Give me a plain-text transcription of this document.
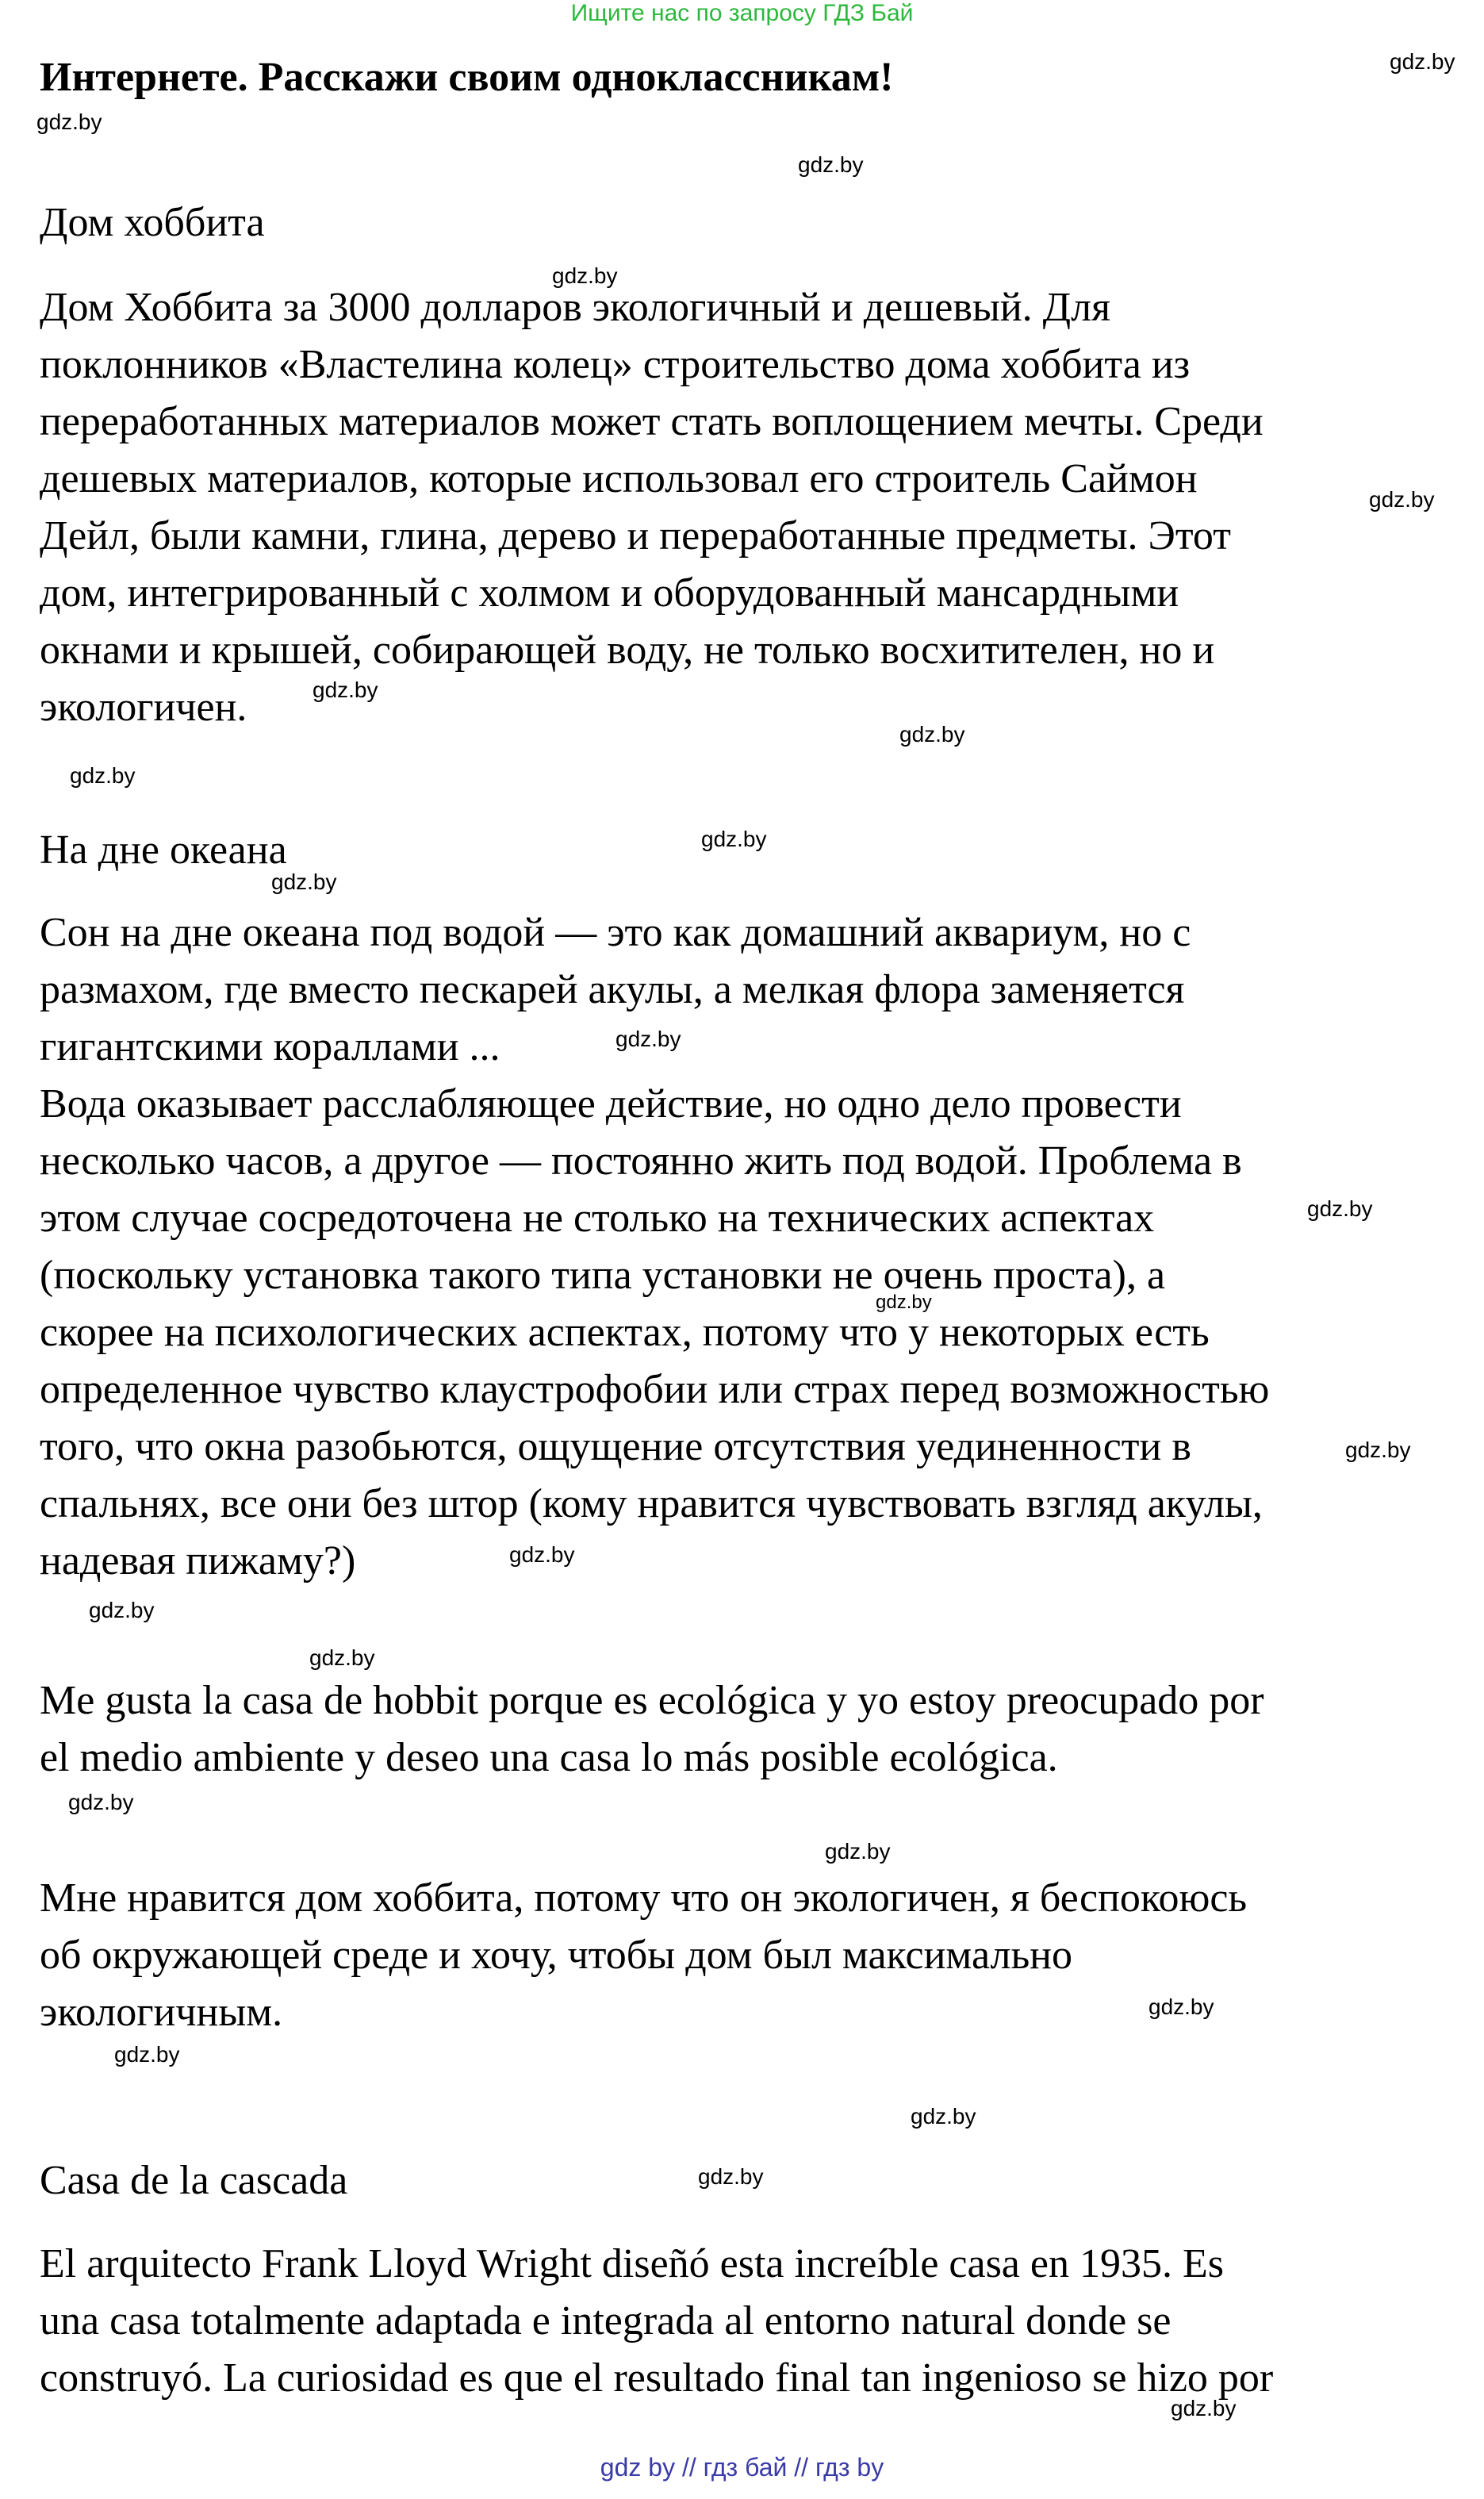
Ищите нас по запросу ГДЗ Бай
Интернете. Расскажи своим одноклассникам!
Дом хоббита
Дом Хоббита за 3000 долларов экологичный и дешевый. Для
поклонников «Властелина колец» строительство дома хоббита из
переработанных материалов может стать воплощением мечты. Среди
дешевых материалов, которые использовал его строитель Саймон
Дейл, были камни, глина, дерево и переработанные предметы. Этот
дом, интегрированный с холмом и оборудованный мансардными
окнами и крышей, собирающей воду, не только восхитителен, но и
экологичен.
На дне океана
Сон на дне океана под водой — это как домашний аквариум, но с
размахом, где вместо пескарей акулы, а мелкая флора заменяется
гигантскими кораллами ...
Вода оказывает расслабляющее действие, но одно дело провести
несколько часов, а другое — постоянно жить под водой. Проблема в
этом случае сосредоточена не столько на технических аспектах
(поскольку установка такого типа установки не очень проста), а
скорее на психологических аспектах, потому что у некоторых есть
определенное чувство клаустрофобии или страх перед возможностью
того, что окна разобьются, ощущение отсутствия уединенности в
спальнях, все они без штор (кому нравится чувствовать взгляд акулы,
надевая пижаму?)
Me gusta la casa de hobbit porque es ecológica y yo estoy preocupado por
el medio ambiente y deseo una casa lo más posible ecológica.
Мне нравится дом хоббита, потому что он экологичен, я беспокоюсь
об окружающей среде и хочу, чтобы дом был максимально
экологичным.
Casa de la cascada
El arquitecto Frank Lloyd Wright diseñó esta increíble casa en 1935. Es
una casa totalmente adaptada e integrada al entorno natural donde se
construyó. La curiosidad es que el resultado final tan ingenioso se hizo por
gdz.by
gdz.by
gdz.by
gdz.by
gdz.by
gdz.by
gdz.by
gdz.by
gdz.by
gdz.by
gdz.by
gdz.by
gdz.by
gdz.by
gdz.by
gdz.by
gdz.by
gdz.by
gdz.by
gdz.by
gdz.by
gdz.by
gdz.by
gdz.by
gdz by // гдз бай // гдз by
